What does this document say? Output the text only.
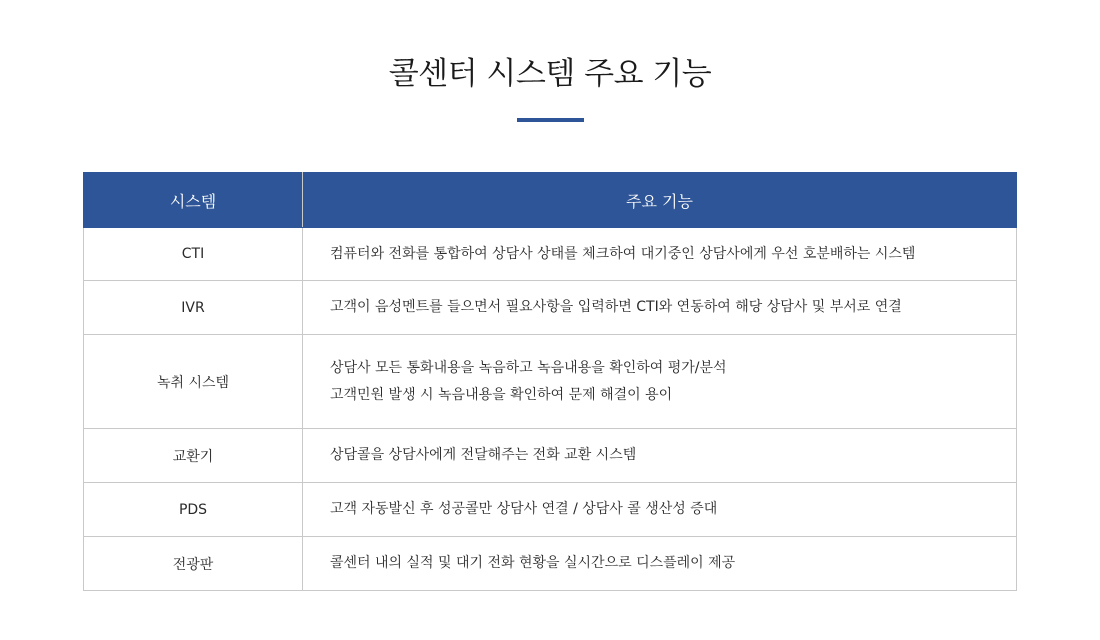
콜센터 시스템 주요 기능
시스템	주요 기능
CTI	컴퓨터와 전화를 통합하여 상담사 상태를 체크하여 대기중인 상담사에게 우선 호분배하는 시스템

IVR	고객이 음성멘트를 들으면서 필요사항을 입력하면 CTI와 연동하여 해당 상담사 및 부서로 연결

녹취 시스템	상담사 모든 통화내용을 녹음하고 녹음내용을 확인하여 평가/분석
고객민원 발생 시 녹음내용을 확인하여 문제 해결이 용이

교환기	상담콜을 상담사에게 전달해주는 전화 교환 시스템

PDS	고객 자동발신 후 성공콜만 상담사 연결 / 상담사 콜 생산성 증대

전광판	콜센터 내의 실적 및 대기 전화 현황을 실시간으로 디스플레이 제공
